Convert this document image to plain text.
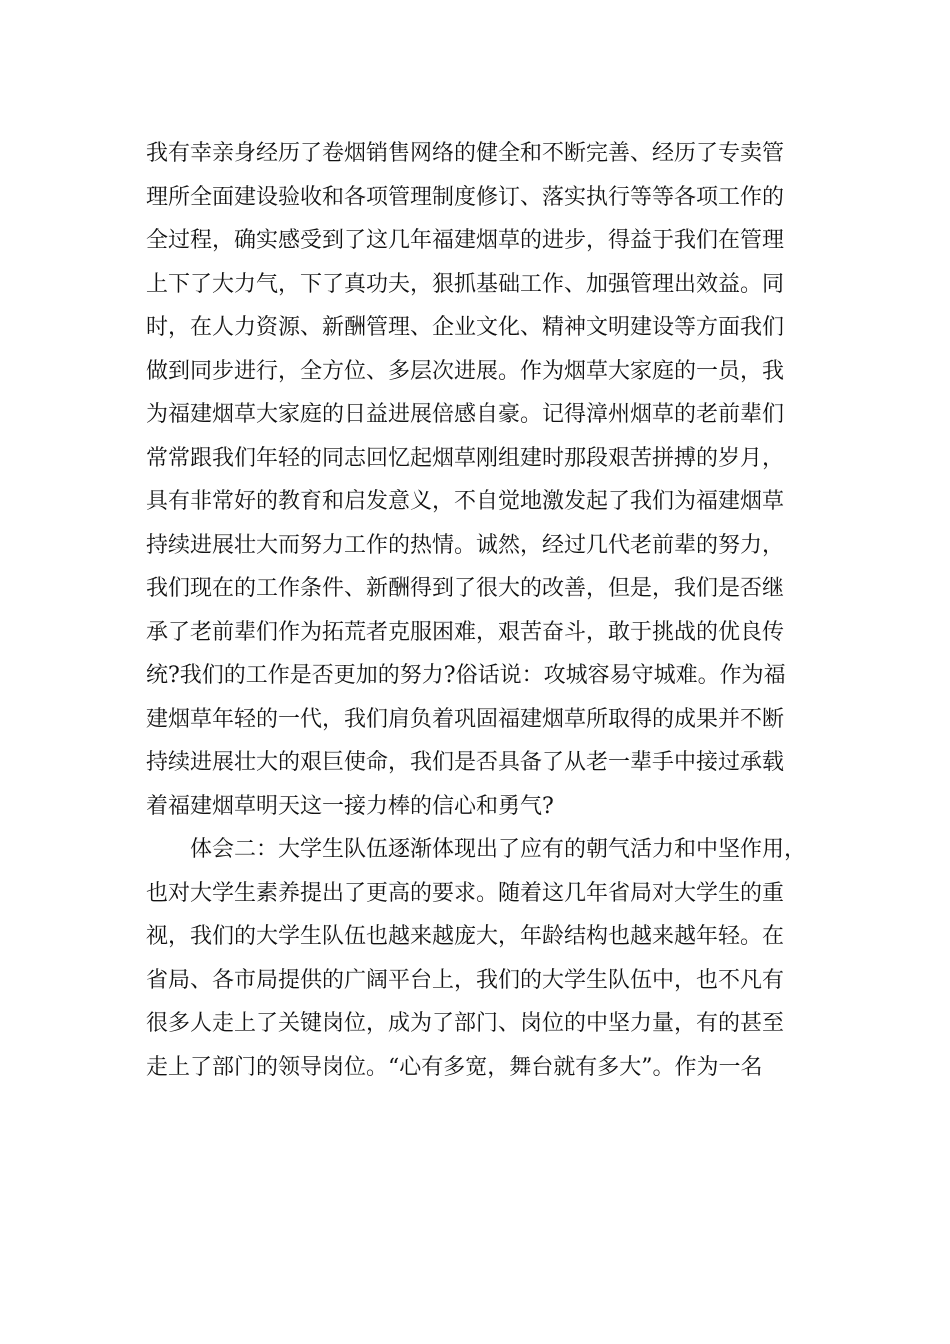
我有幸亲身经历了卷烟销售网络的健全和不断完善、经历了专卖管
理所全面建设验收和各项管理制度修订、落实执行等等各项工作的
全过程，确实感受到了这几年福建烟草的进步，得益于我们在管理
上下了大力气，下了真功夫，狠抓基础工作、加强管理出效益。同
时，在人力资源、新酬管理、企业文化、精神文明建设等方面我们
做到同步进行，全方位、多层次进展。作为烟草大家庭的一员，我
为福建烟草大家庭的日益进展倍感自豪。记得漳州烟草的老前辈们
常常跟我们年轻的同志回忆起烟草刚组建时那段艰苦拼搏的岁月，
具有非常好的教育和启发意义，不自觉地激发起了我们为福建烟草
持续进展壮大而努力工作的热情。诚然，经过几代老前辈的努力，
我们现在的工作条件、新酬得到了很大的改善，但是，我们是否继
承了老前辈们作为拓荒者克服困难，艰苦奋斗，敢于挑战的优良传
统?我们的工作是否更加的努力?俗话说：攻城容易守城难。作为福
建烟草年轻的一代，我们肩负着巩固福建烟草所取得的成果并不断
持续进展壮大的艰巨使命，我们是否具备了从老一辈手中接过承载
着福建烟草明天这一接力棒的信心和勇气?
体会二：大学生队伍逐渐体现出了应有的朝气活力和中坚作用，
也对大学生素养提出了更高的要求。随着这几年省局对大学生的重
视，我们的大学生队伍也越来越庞大，年龄结构也越来越年轻。在
省局、各市局提供的广阔平台上，我们的大学生队伍中，也不凡有
很多人走上了关键岗位，成为了部门、岗位的中坚力量，有的甚至
走上了部门的领导岗位。“心有多宽，舞台就有多大”。作为一名
